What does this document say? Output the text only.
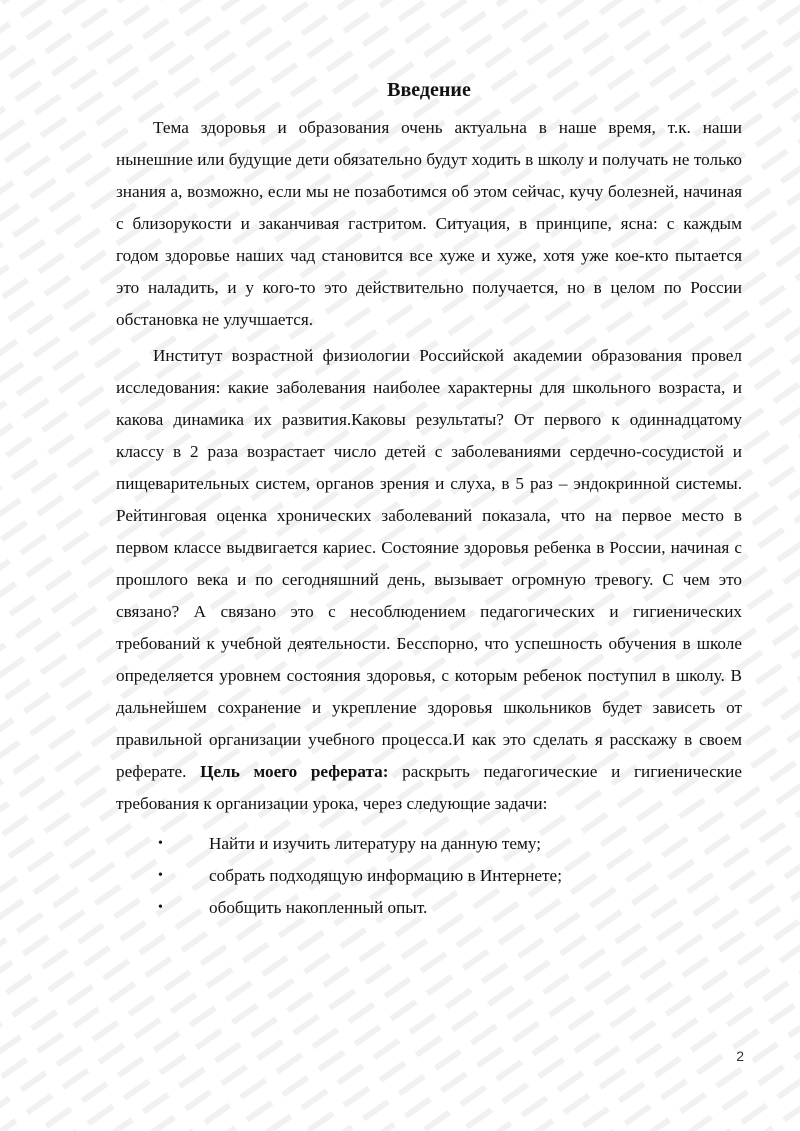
Введение

Тема здоровья и образования очень актуальна в наше время, т.к. наши нынешние или будущие дети обязательно будут ходить в школу и получать не только знания а, возможно, если мы не позаботимся об этом сейчас, кучу болезней, начиная с близорукости и заканчивая гастритом. Ситуация, в принципе, ясна: с каждым годом здоровье наших чад становится все хуже и хуже, хотя уже кое-кто пытается это наладить, и у кого-то это действительно получается, но в целом по России обстановка не улучшается.

Институт возрастной физиологии Российской академии образования провел исследования: какие заболевания наиболее характерны для школьного возраста, и какова динамика их развития.Каковы результаты? От первого к одиннадцатому классу в 2 раза возрастает число детей с заболеваниями сердечно-сосудистой и пищеварительных систем, органов зрения и слуха, в 5 раз – эндокринной системы. Рейтинговая оценка хронических заболеваний показала, что на первое место в первом классе выдвигается кариес. Состояние здоровья ребенка в России, начиная с прошлого века и по сегодняшний день, вызывает огромную тревогу. С чем это связано? А связано это с несоблюдением педагогических и гигиенических требований к учебной деятельности. Бесспорно, что успешность обучения в школе определяется уровнем состояния здоровья, с которым ребенок поступил в школу. В дальнейшем сохранение и укрепление здоровья школьников будет зависеть от правильной организации учебного процесса.И как это сделать я расскажу в своем реферате. Цель моего реферата: раскрыть педагогические и гигиенические требования к организации урока, через следующие задачи:

•	Найти и изучить литературу на данную тему;
•	собрать подходящую информацию в Интернете;
•	обобщить накопленный опыт.
2
